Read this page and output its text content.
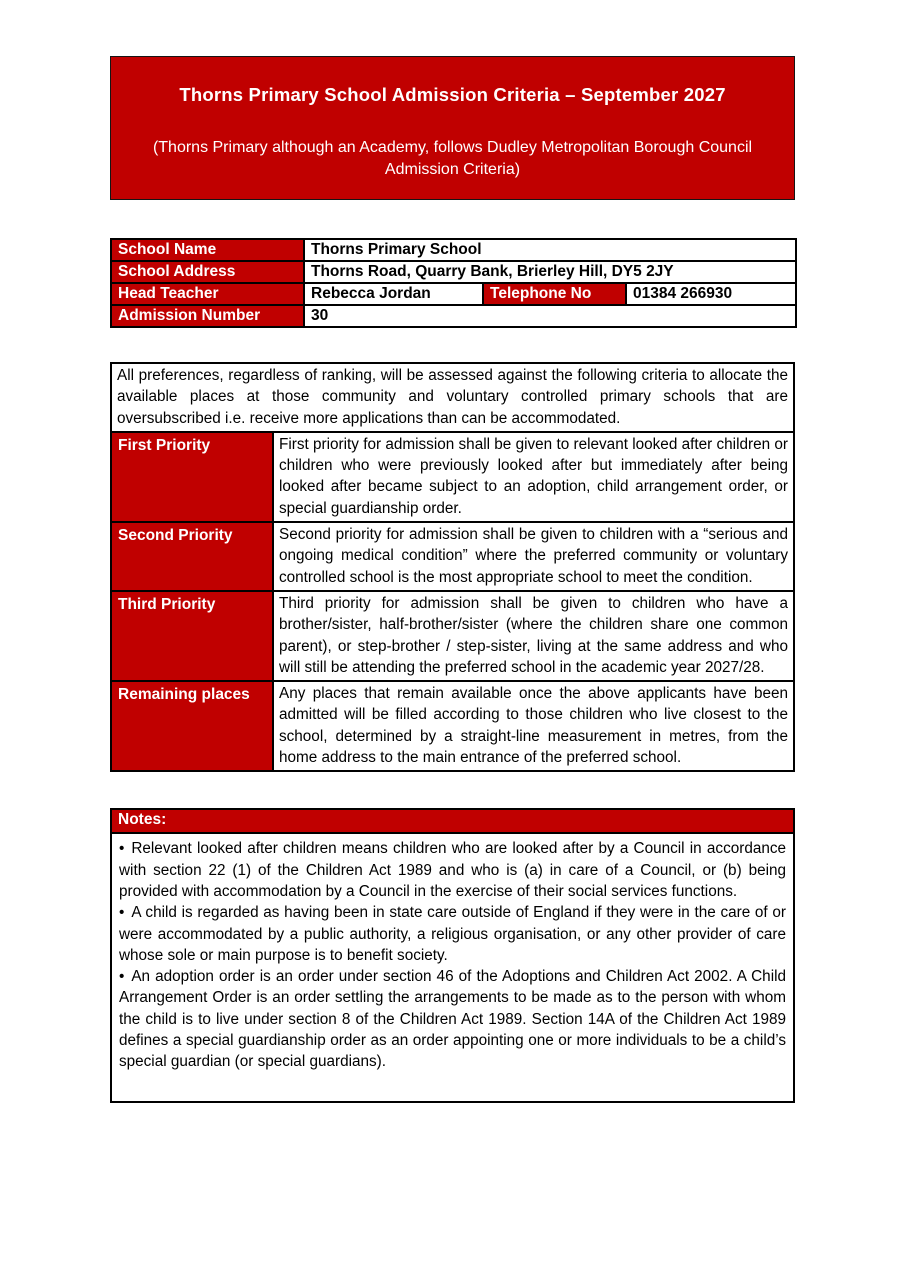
Thorns Primary School Admission Criteria – September 2027
(Thorns Primary although an Academy, follows Dudley Metropolitan Borough Council Admission Criteria)
School Name	Thorns Primary School		
School Address	Thorns Road, Quarry Bank, Brierley Hill, DY5 2JY		
Head Teacher	Rebecca Jordan	Telephone No	01384 266930
Admission Number	30		
All preferences, regardless of ranking, will be assessed against the following criteria to allocate the available places at those community and voluntary controlled primary schools that are oversubscribed i.e. receive more applications than can be accommodated.	
First Priority	First priority for admission shall be given to relevant looked after children or children who were previously looked after but immediately after being looked after became subject to an adoption, child arrangement order, or special guardianship order.
Second Priority	Second priority for admission shall be given to children with a “serious and ongoing medical condition” where the preferred community or voluntary controlled school is the most appropriate school to meet the condition.
Third Priority	Third priority for admission shall be given to children who have a brother/sister, half-brother/sister (where the children share one common parent), or step-brother / step-sister, living at the same address and who will still be attending the preferred school in the academic year 2027/28.
Remaining places	Any places that remain available once the above applicants have been admitted will be filled according to those children who live closest to the school, determined by a straight-line measurement in metres, from the home address to the main entrance of the preferred school.
Notes:

• Relevant looked after children means children who are looked after by a Council in accordance with section 22 (1) of the Children Act 1989 and who is (a) in care of a Council, or (b) being provided with accommodation by a Council in the exercise of their social services functions.

• A child is regarded as having been in state care outside of England if they were in the care of or were accommodated by a public authority, a religious organisation, or any other provider of care whose sole or main purpose is to benefit society.

• An adoption order is an order under section 46 of the Adoptions and Children Act 2002. A Child Arrangement Order is an order settling the arrangements to be made as to the person with whom the child is to live under section 8 of the Children Act 1989. Section 14A of the Children Act 1989 defines a special guardianship order as an order appointing one or more individuals to be a child’s special guardian (or special guardians).
